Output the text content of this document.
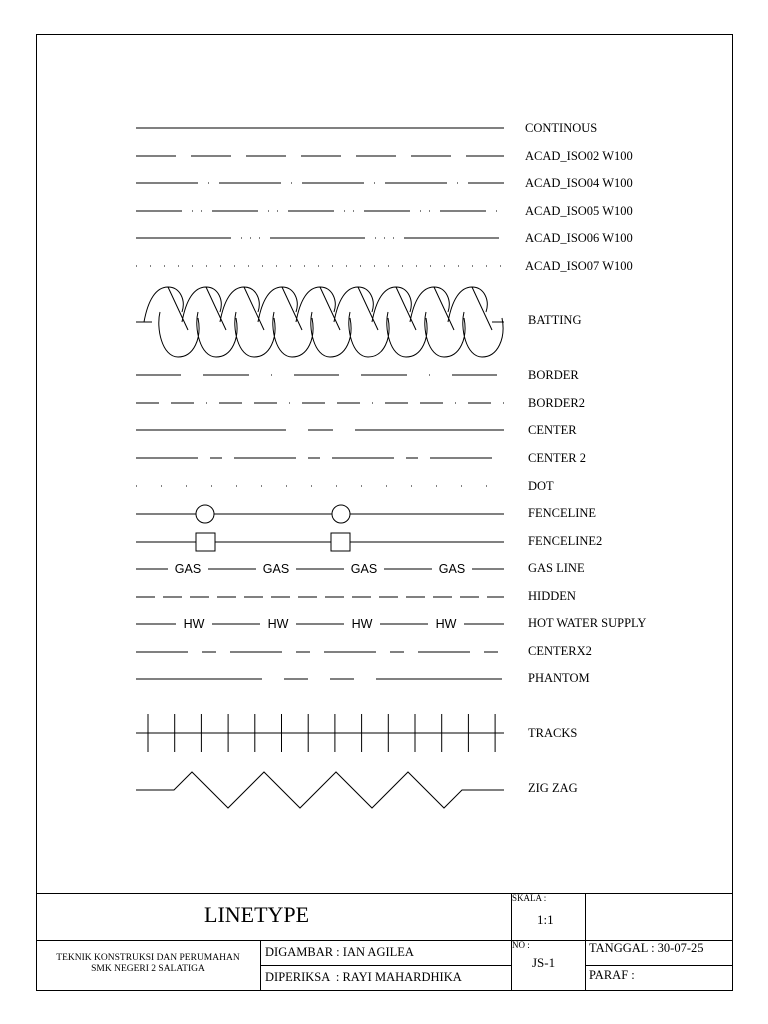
CONTINOUS
ACAD_ISO02 W100
ACAD_ISO04 W100
ACAD_ISO05 W100
ACAD_ISO06 W100
ACAD_ISO07 W100
BATTING
BORDER
BORDER2
CENTER
CENTER 2
DOT
FENCELINE
FENCELINE2
GAS LINE
HIDDEN
HOT WATER SUPPLY
CENTERX2
PHANTOM
TRACKS
ZIG ZAG
GAS	GAS	GAS	GAS
HW	HW	HW	HW
LINETYPE
SKALA :
1:1
NO :
JS-1
TEKNIK KONSTRUKSI DAN PERUMAHAN
SMK NEGERI 2 SALATIGA
DIGAMBAR : IAN AGILEA
DIPERIKSA  : RAYI MAHARDHIKA
TANGGAL : 30-07-25
PARAF :
